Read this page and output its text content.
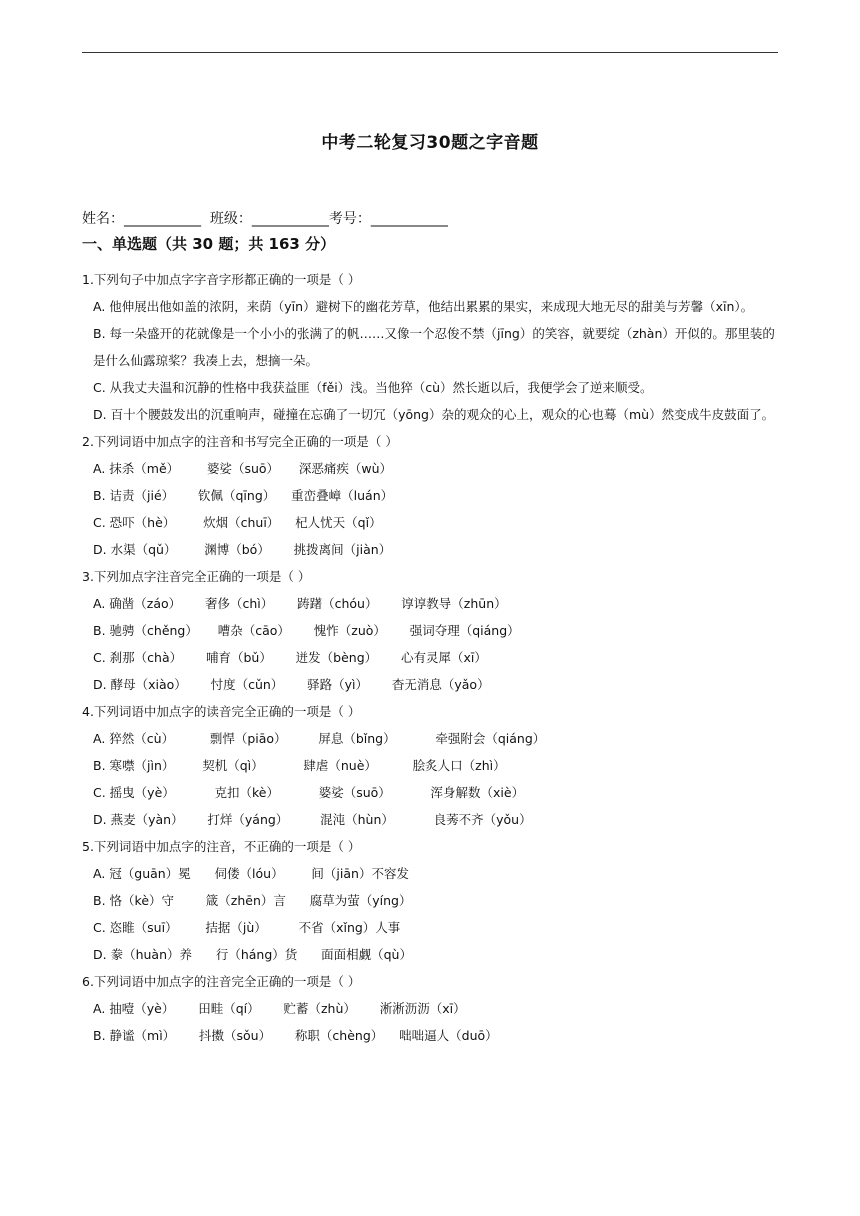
中考二轮复习30题之字音题
姓名：___________  班级：___________考号：___________
一、单选题（共 30 题；共 163 分）
1.下列句子中加点字字音字形都正确的一项是（ ）
A. 他伸展出他如盖的浓阴，来荫（yīn）避树下的幽花芳草，他结出累累的果实，来成现大地无尽的甜美与芳馨（xīn）。
B. 每一朵盛开的花就像是一个小小的张满了的帆……又像一个忍俊不禁（jīng）的笑容，就要绽（zhàn）开似的。那里装的是什么仙露琼桨？我凑上去，想摘一朵。
C. 从我丈夫温和沉静的性格中我获益匪（fěi）浅。当他猝（cù）然长逝以后，我便学会了逆来顺受。
D. 百十个腰鼓发出的沉重响声，碰撞在忘确了一切冗（yōng）杂的观众的心上，观众的心也蓦（mù）然变成牛皮鼓面了。
2.下列词语中加点字的注音和书写完全正确的一项是（ ）
A. 抹杀（mě）       婆娑（suō）     深恶痛疾（wù）
B. 诘责（jié）      钦佩（qīng）    重峦叠嶂（luán）
C. 恐吓（hè）       炊烟（chuī）    杞人忧天（qǐ）
D. 水渠（qǔ）       渊博（bó）      挑拨离间（jiàn）
3.下列加点字注音完全正确的一项是（ ）
A. 确凿（záo）      奢侈（chì）      踌躇（chóu）      谆谆教导（zhūn）
B. 驰骋（chěng）     嘈杂（cāo）      愧怍（zuò）      强词夺理（qiáng）
C. 刹那（chà）      哺育（bǔ）      迸发（bèng）      心有灵犀（xī）
D. 酵母（xiào）      忖度（cǔn）      驿路（yì）      杳无消息（yǎo）
4.下列词语中加点字的读音完全正确的一项是（ ）
A. 猝然（cù）         剽悍（piāo）        屏息（bǐng）          牵强附会（qiáng）
B. 寒噤（jìn）       契机（qì）          肆虐（nuè）         脍炙人口（zhì）
C. 摇曳（yè）          克扣（kè）          婆娑（suō）          浑身解数（xiè）
D. 燕麦（yàn）      打烊（yáng）        混沌（hùn）          良莠不齐（yǒu）
5.下列词语中加点字的注音，不正确的一项是（ ）
A. 冠（guān）冕      伺偻（lóu）       间（jiān）不容发
B. 恪（kè）守        箴（zhēn）言      腐草为萤（yíng）
C. 恣睢（suī）       拮据（jù）        不省（xǐng）人事
D. 豢（huàn）养      行（háng）货      面面相觑（qù）
6.下列词语中加点字的注音完全正确的一项是（ ）
A. 抽噎（yè）      田畦（qí）      贮蓄（zhù）      淅淅沥沥（xī）
B. 静谧（mì）      抖擞（sǒu）      称职（chèng）    咄咄逼人（duō）
